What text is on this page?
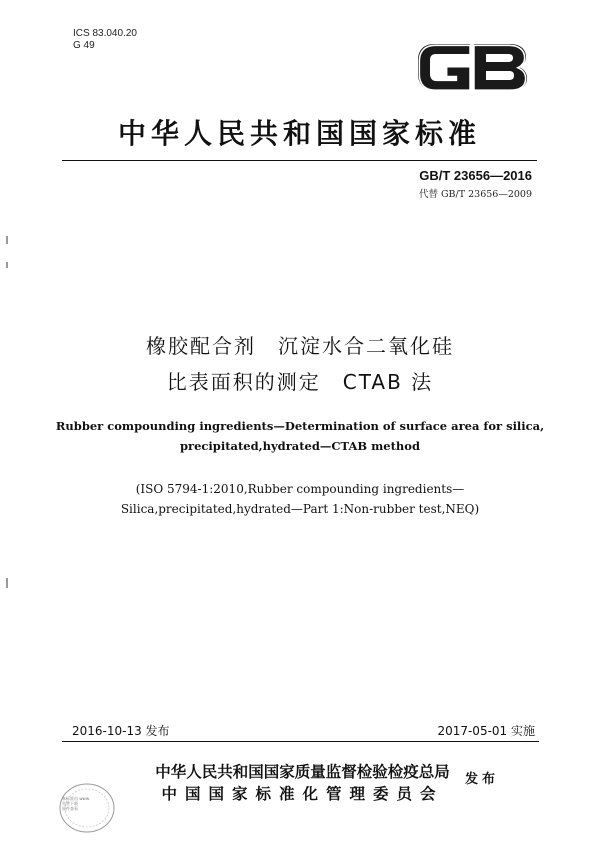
ICS 83.040.20
G 49
中华人民共和国国家标准
GB/T 23656—2016
代替 GB/T 23656—2009
橡胶配合剂　沉淀水合二氧化硅
比表面积的测定　CTAB 法
Rubber compounding ingredients—Determination of surface area for silica,
precipitated,hydrated—CTAB method
(ISO 5794-1:2010,Rubber compounding ingredients—
Silica,precipitated,hydrated—Part 1:Non-rubber test,NEQ)
2016-10-13 发布	2017-05-01 实施
本标准由 www.
免费下载
原件查看
中华人民共和国国家质量监督检验检疫总局
中国国家标准化管理委员会
发布
